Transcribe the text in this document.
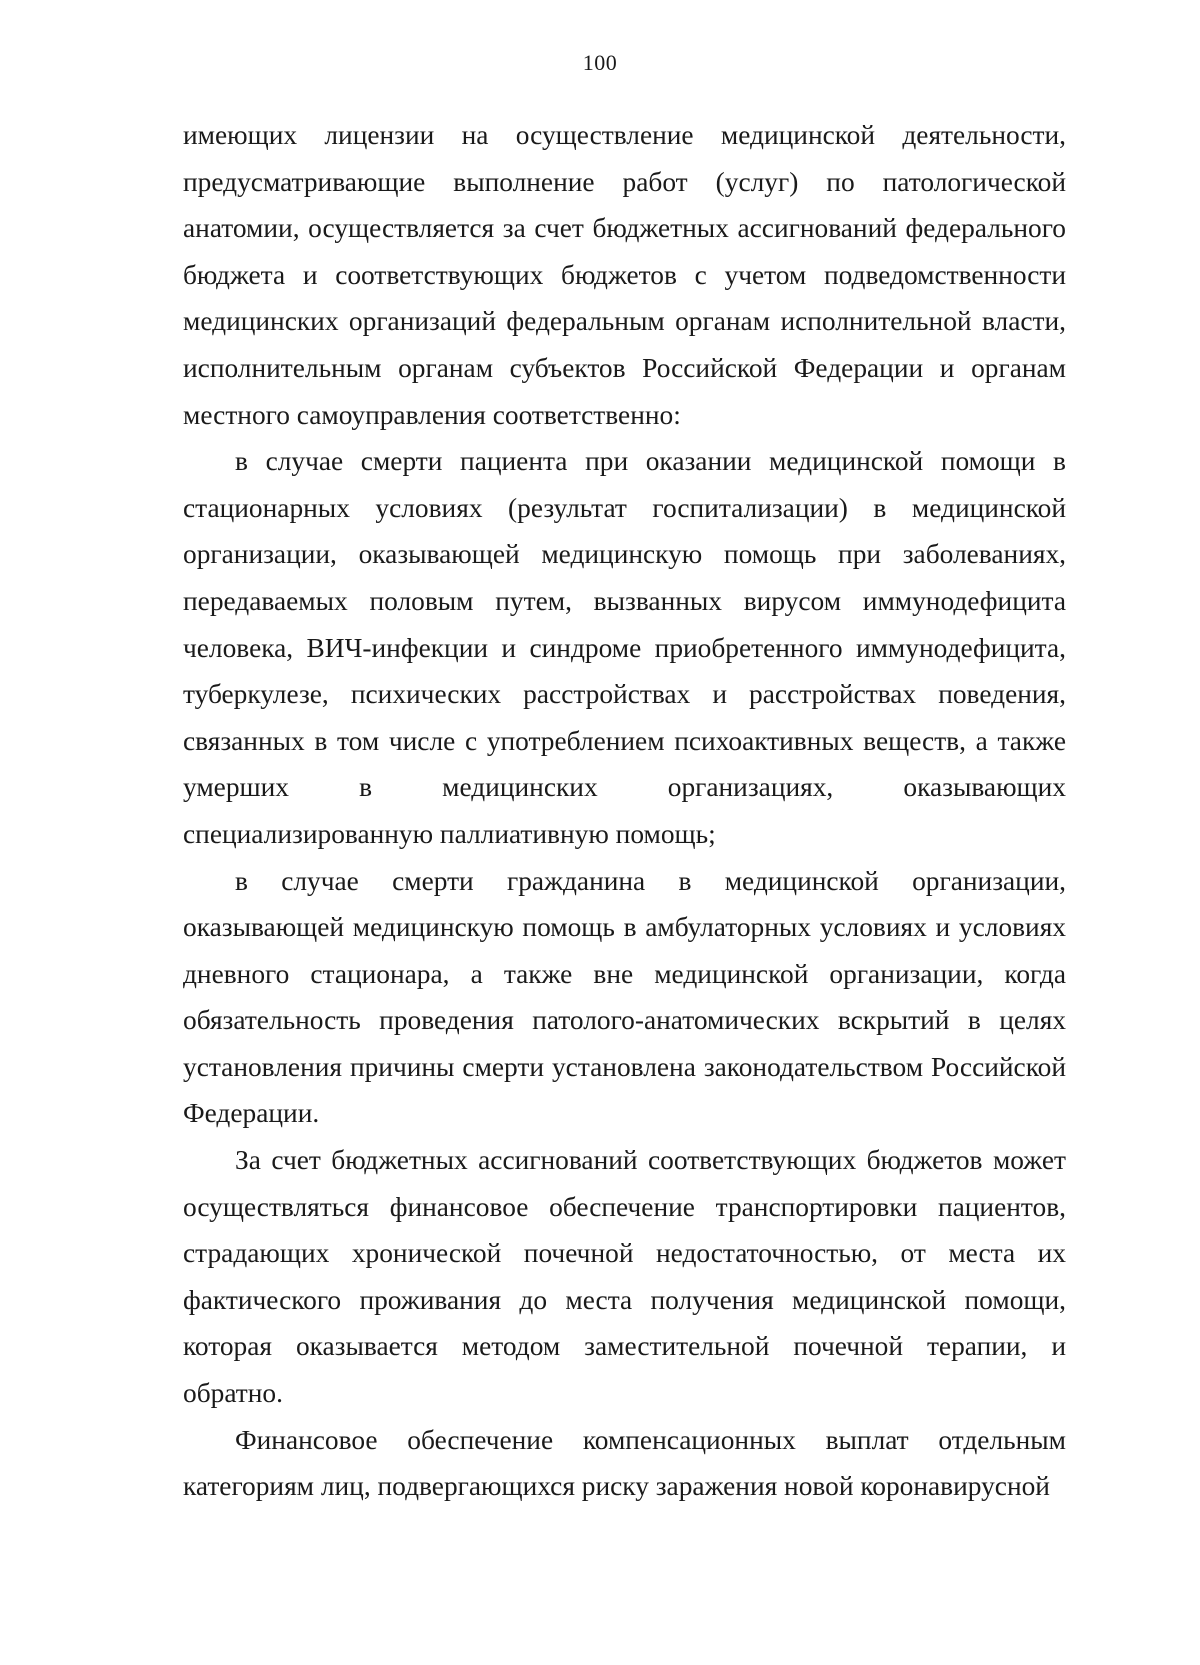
100

имеющих лицензии на осуществление медицинской деятельности, предусматривающие выполнение работ (услуг) по патологической анатомии, осуществляется за счет бюджетных ассигнований федерального бюджета и соответствующих бюджетов с учетом подведомственности медицинских организаций федеральным органам исполнительной власти, исполнительным органам субъектов Российской Федерации и органам местного самоуправления соответственно:

в случае смерти пациента при оказании медицинской помощи в стационарных условиях (результат госпитализации) в медицинской организации, оказывающей медицинскую помощь при заболеваниях, передаваемых половым путем, вызванных вирусом иммунодефицита человека, ВИЧ-инфекции и синдроме приобретенного иммунодефицита, туберкулезе, психических расстройствах и расстройствах поведения, связанных в том числе с употреблением психоактивных веществ, а также умерших в медицинских организациях, оказывающих специализированную паллиативную помощь;

в случае смерти гражданина в медицинской организации, оказывающей медицинскую помощь в амбулаторных условиях и условиях дневного стационара, а также вне медицинской организации, когда обязательность проведения патолого-анатомических вскрытий в целях установления причины смерти установлена законодательством Российской Федерации.

За счет бюджетных ассигнований соответствующих бюджетов может осуществляться финансовое обеспечение транспортировки пациентов, страдающих хронической почечной недостаточностью, от места их фактического проживания до места получения медицинской помощи, которая оказывается методом заместительной почечной терапии, и обратно.

Финансовое обеспечение компенсационных выплат отдельным категориям лиц, подвергающихся риску заражения новой коронавирусной
